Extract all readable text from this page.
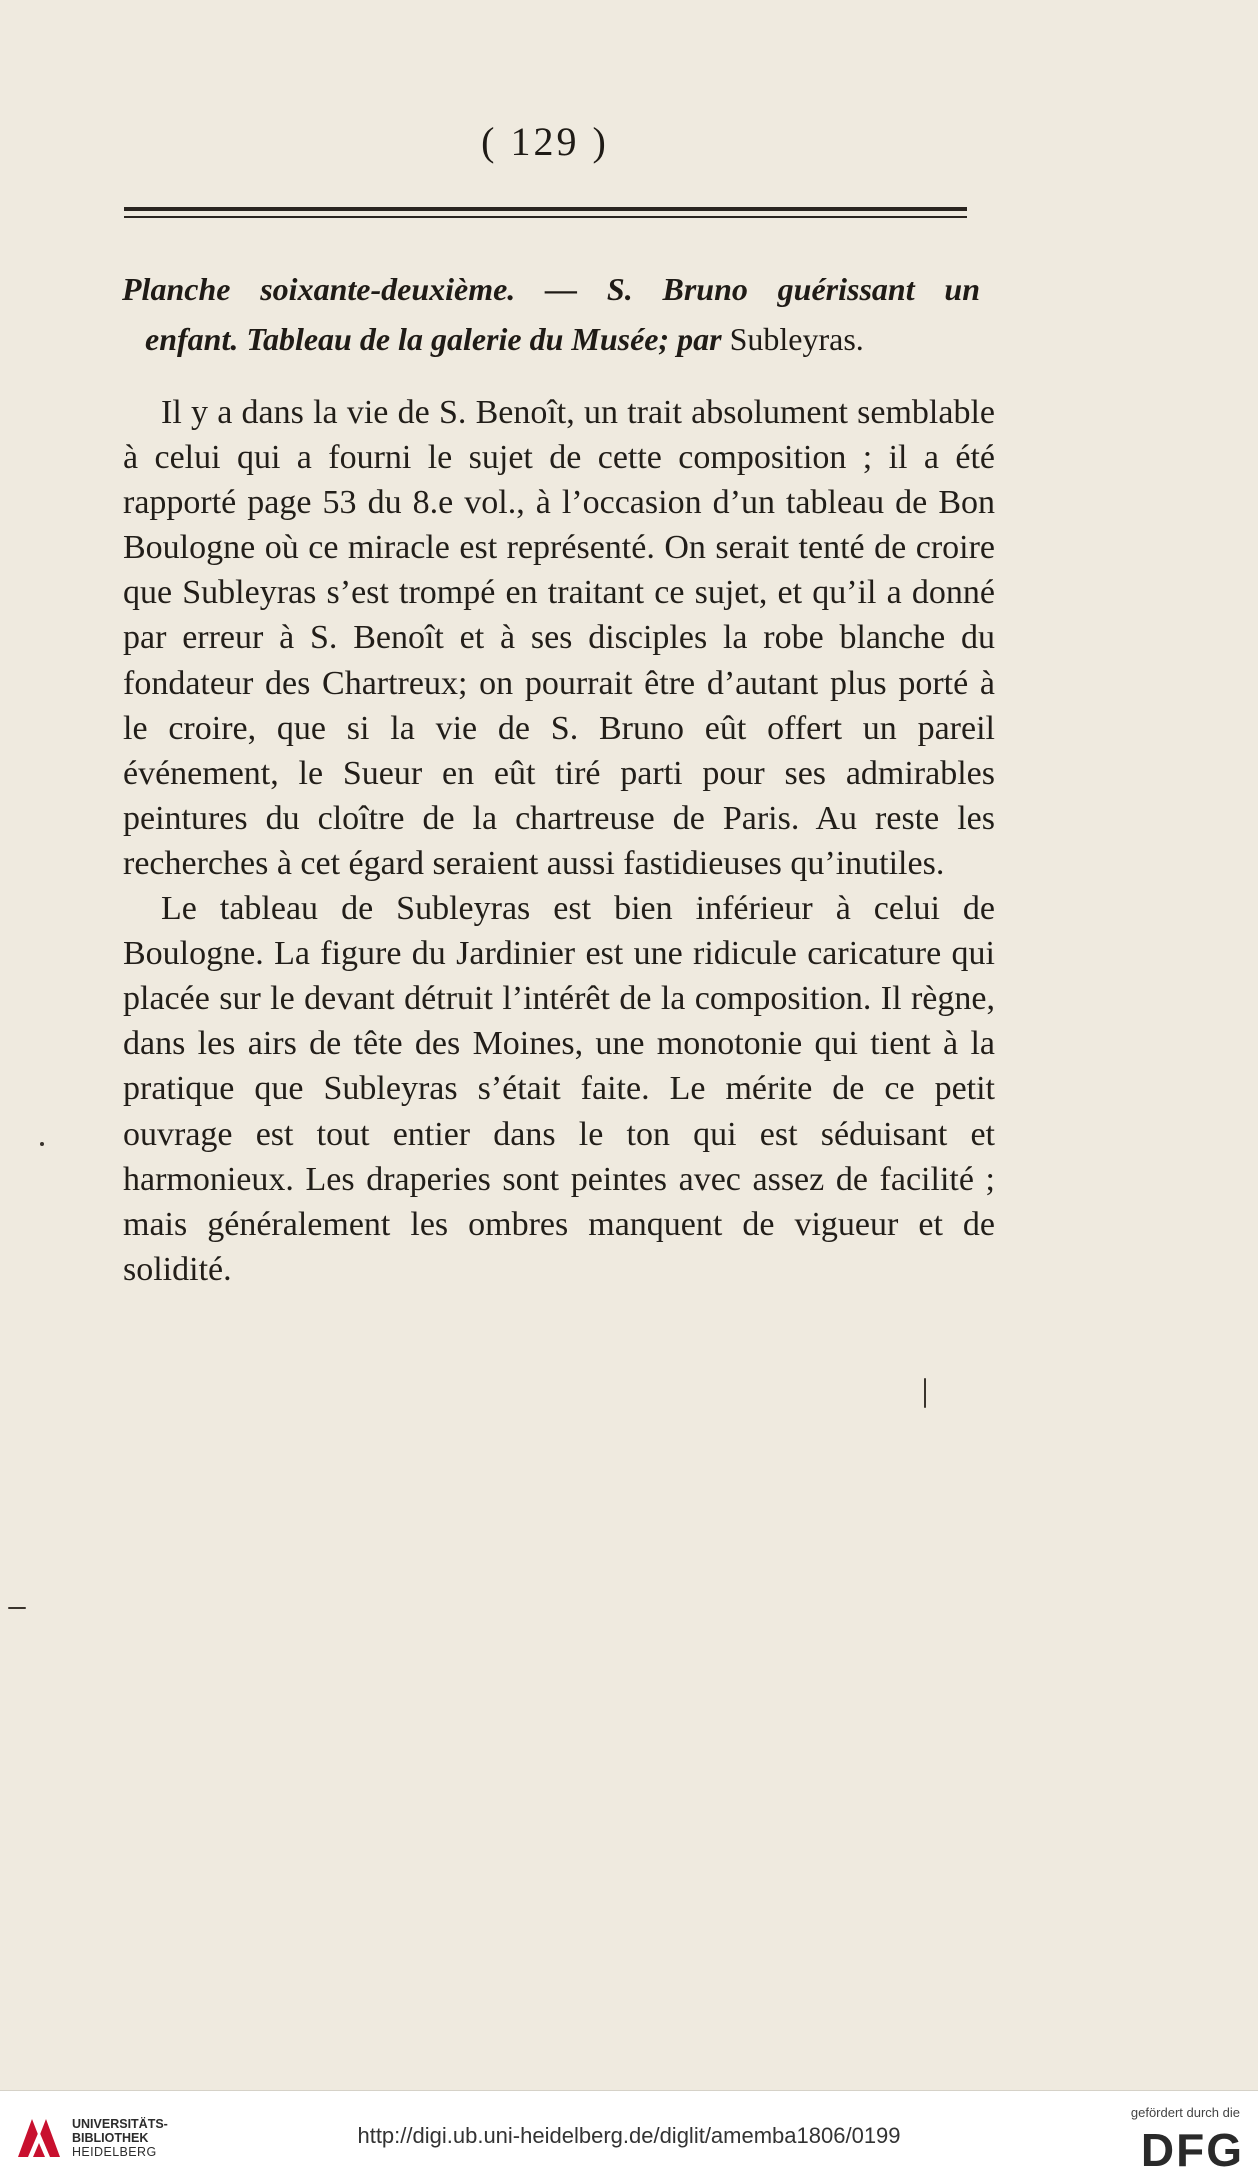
( 129 )
Planche soixante-deuxième. — S. Bruno guérissant un
enfant. Tableau de la galerie du Musée; par Subleyras.

Il y a dans la vie de S. Benoît, un trait absolument semblable à celui qui a fourni le sujet de cette composition ; il a été rapporté page 53 du 8.e vol., à l’occasion d’un tableau de Bon Boulogne où ce miracle est représenté. On serait tenté de croire que Subleyras s’est trompé en traitant ce sujet, et qu’il a donné par erreur à S. Benoît et à ses disciples la robe blanche du fondateur des Chartreux; on pourrait être d’autant plus porté à le croire, que si la vie de S. Bruno eût offert un pareil événement, le Sueur en eût tiré parti pour ses admirables peintures du cloître de la chartreuse de Paris. Au reste les recherches à cet égard seraient aussi fastidieuses qu’inutiles.

Le tableau de Subleyras est bien inférieur à celui de Boulogne. La figure du Jardinier est une ridicule caricature qui placée sur le devant détruit l’intérêt de la composition. Il règne, dans les airs de tête des Moines, une monotonie qui tient à la pratique que Subleyras s’était faite. Le mérite de ce petit ouvrage est tout entier dans le ton qui est séduisant et harmonieux. Les draperies sont peintes avec assez de facilité ; mais généralement les ombres manquent de vigueur et de solidité.

UNIVERSITÄTS-
BIBLIOTHEK
HEIDELBERG
http://digi.ub.uni-heidelberg.de/diglit/amemba1806/0199
gefördert durch die
DFG
